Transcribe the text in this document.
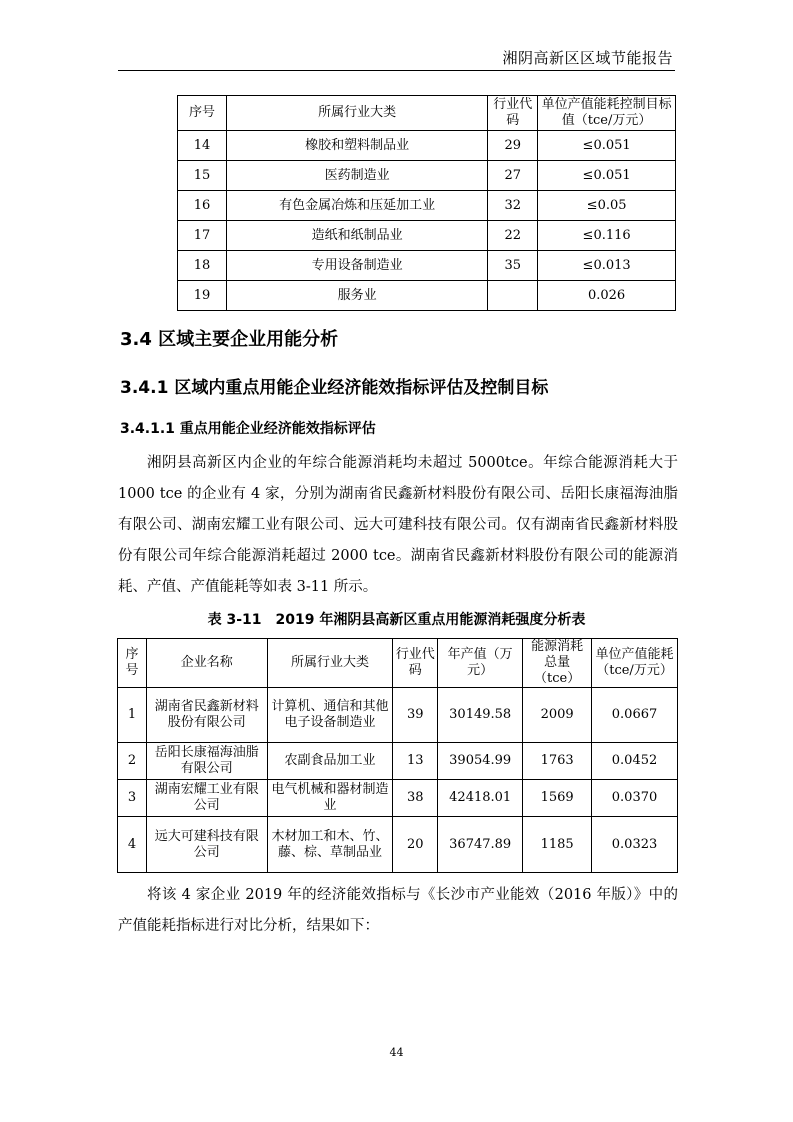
湘阴高新区区域节能报告
序号	所属行业大类	行业代码	单位产值能耗控制目标值（tce/万元）
14	橡胶和塑料制品业	29	≤0.051
15	医药制造业	27	≤0.051
16	有色金属冶炼和压延加工业	32	≤0.05
17	造纸和纸制品业	22	≤0.116
18	专用设备制造业	35	≤0.013
19	服务业		0.026
3.4 区域主要企业用能分析
3.4.1 区域内重点用能企业经济能效指标评估及控制目标
3.4.1.1 重点用能企业经济能效指标评估

湘阴县高新区内企业的年综合能源消耗均未超过 5000tce。年综合能源消耗大于 1000 tce 的企业有 4 家，分别为湖南省民鑫新材料股份有限公司、岳阳长康福海油脂有限公司、湖南宏耀工业有限公司、远大可建科技有限公司。仅有湖南省民鑫新材料股份有限公司年综合能源消耗超过 2000 tce。湖南省民鑫新材料股份有限公司的能源消耗、产值、产值能耗等如表 3-11 所示。

表 3-11　2019 年湘阴县高新区重点用能源消耗强度分析表
序号	企业名称	所属行业大类	行业代码	年产值（万元）	能源消耗总量（tce）	单位产值能耗（tce/万元）
1	湖南省民鑫新材料股份有限公司	计算机、通信和其他电子设备制造业	39	30149.58	2009	0.0667
2	岳阳长康福海油脂有限公司	农副食品加工业	13	39054.99	1763	0.0452
3	湖南宏耀工业有限公司	电气机械和器材制造业	38	42418.01	1569	0.0370
4	远大可建科技有限公司	木材加工和木、竹、藤、棕、草制品业	20	36747.89	1185	0.0323

将该 4 家企业 2019 年的经济能效指标与《长沙市产业能效（2016 年版）》中的产值能耗指标进行对比分析，结果如下：

44
